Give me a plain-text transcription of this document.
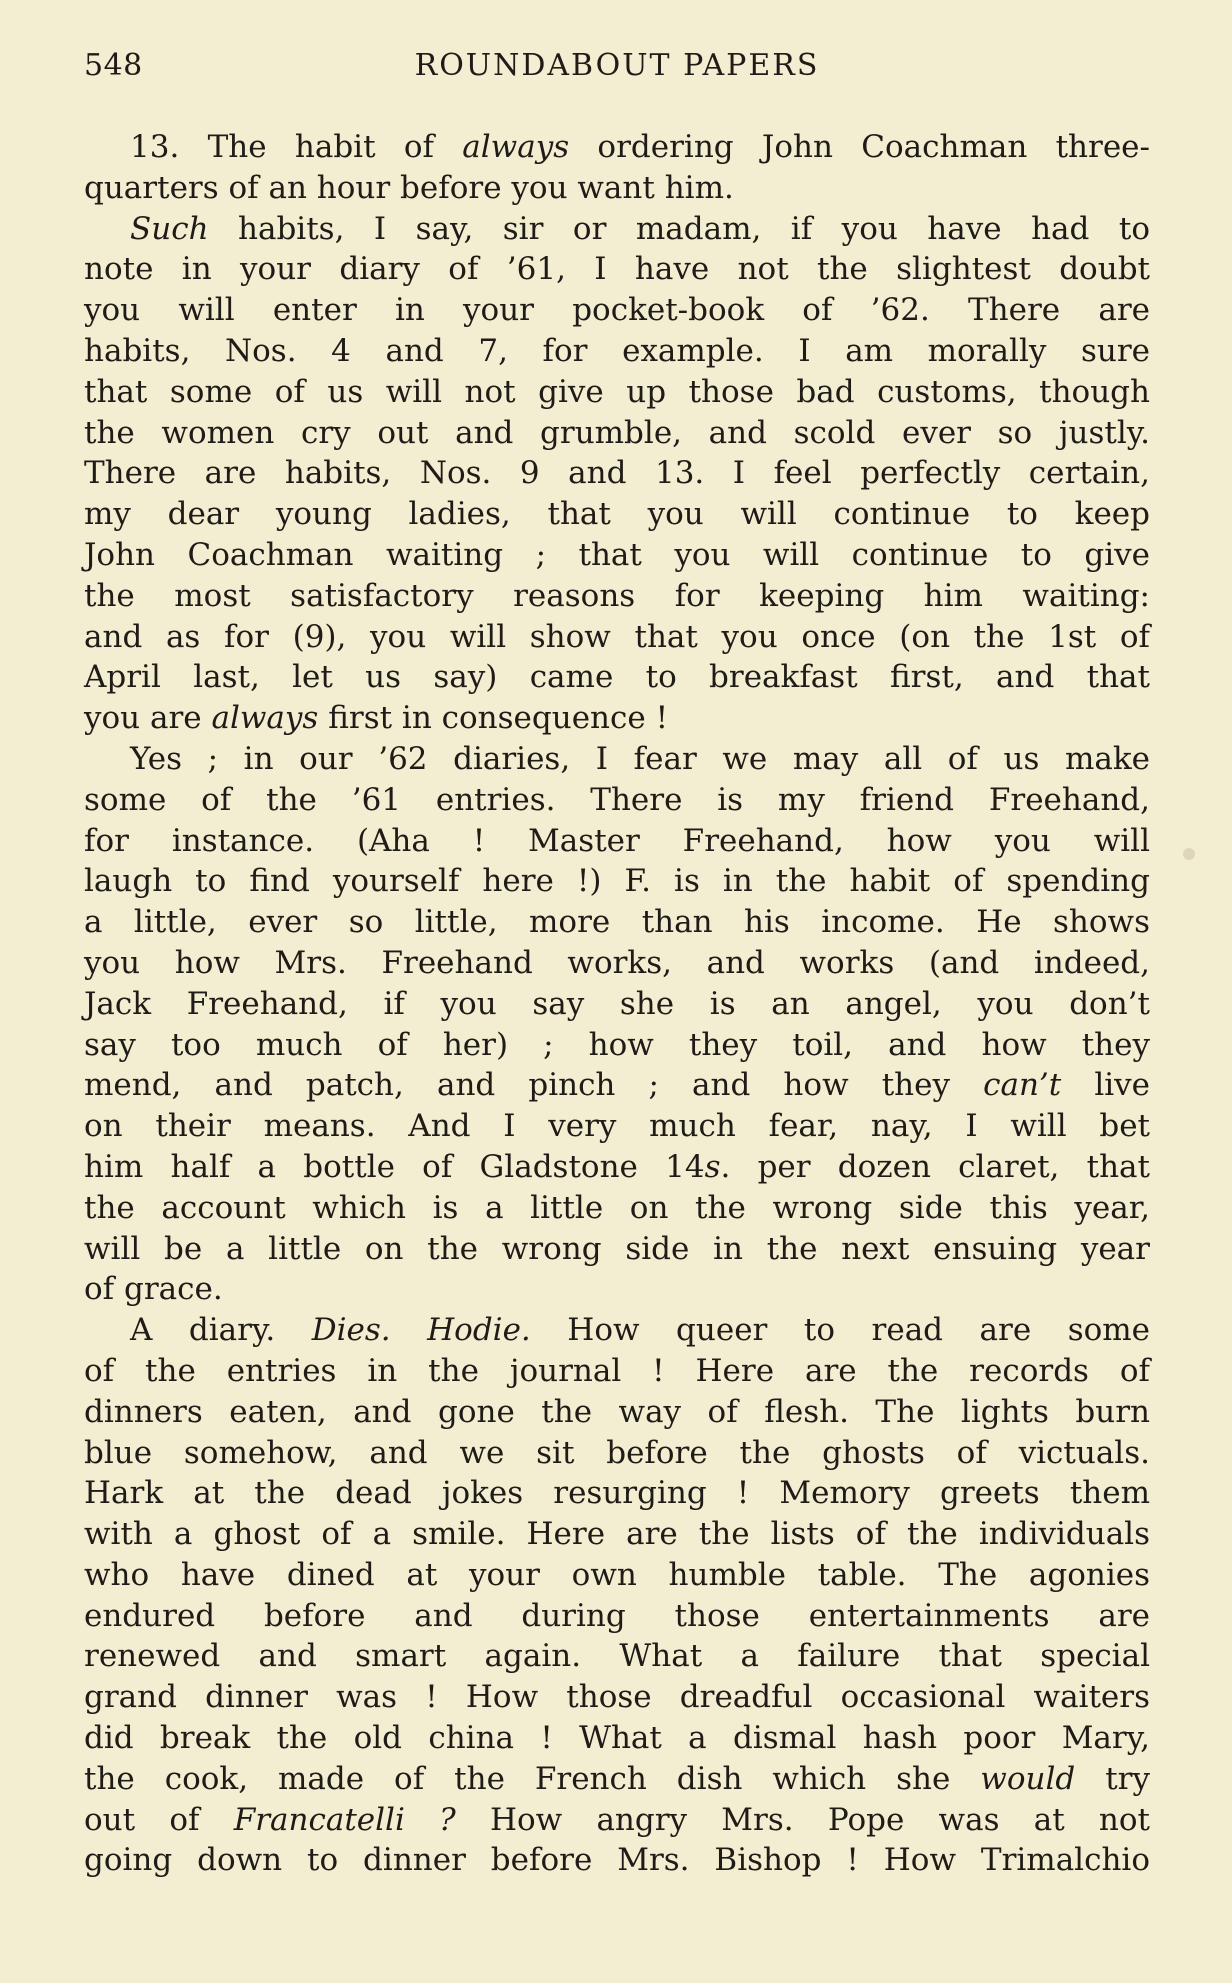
548	ROUNDABOUT PAPERS
13. The habit of always ordering John Coachman three-
quarters of an hour before you want him.
Such habits, I say, sir or madam, if you have had to
note in your diary of ’61, I have not the slightest doubt
you will enter in your pocket-book of ’62. There are
habits, Nos. 4 and 7, for example. I am morally sure
that some of us will not give up those bad customs, though
the women cry out and grumble, and scold ever so justly.
There are habits, Nos. 9 and 13. I feel perfectly certain,
my dear young ladies, that you will continue to keep
John Coachman waiting ; that you will continue to give
the most satisfactory reasons for keeping him waiting:
and as for (9), you will show that you once (on the 1st of
April last, let us say) came to breakfast first, and that
you are always first in consequence !
Yes ; in our ’62 diaries, I fear we may all of us make
some of the ’61 entries. There is my friend Freehand,
for instance. (Aha ! Master Freehand, how you will
laugh to find yourself here !) F. is in the habit of spending
a little, ever so little, more than his income. He shows
you how Mrs. Freehand works, and works (and indeed,
Jack Freehand, if you say she is an angel, you don’t
say too much of her) ; how they toil, and how they
mend, and patch, and pinch ; and how they can’t live
on their means. And I very much fear, nay, I will bet
him half a bottle of Gladstone 14s. per dozen claret, that
the account which is a little on the wrong side this year,
will be a little on the wrong side in the next ensuing year
of grace.
A diary. Dies. Hodie. How queer to read are some
of the entries in the journal ! Here are the records of
dinners eaten, and gone the way of flesh. The lights burn
blue somehow, and we sit before the ghosts of victuals.
Hark at the dead jokes resurging ! Memory greets them
with a ghost of a smile. Here are the lists of the individuals
who have dined at your own humble table. The agonies
endured before and during those entertainments are
renewed and smart again. What a failure that special
grand dinner was ! How those dreadful occasional waiters
did break the old china ! What a dismal hash poor Mary,
the cook, made of the French dish which she would try
out of Francatelli ? How angry Mrs. Pope was at not
going down to dinner before Mrs. Bishop ! How Trimalchio
